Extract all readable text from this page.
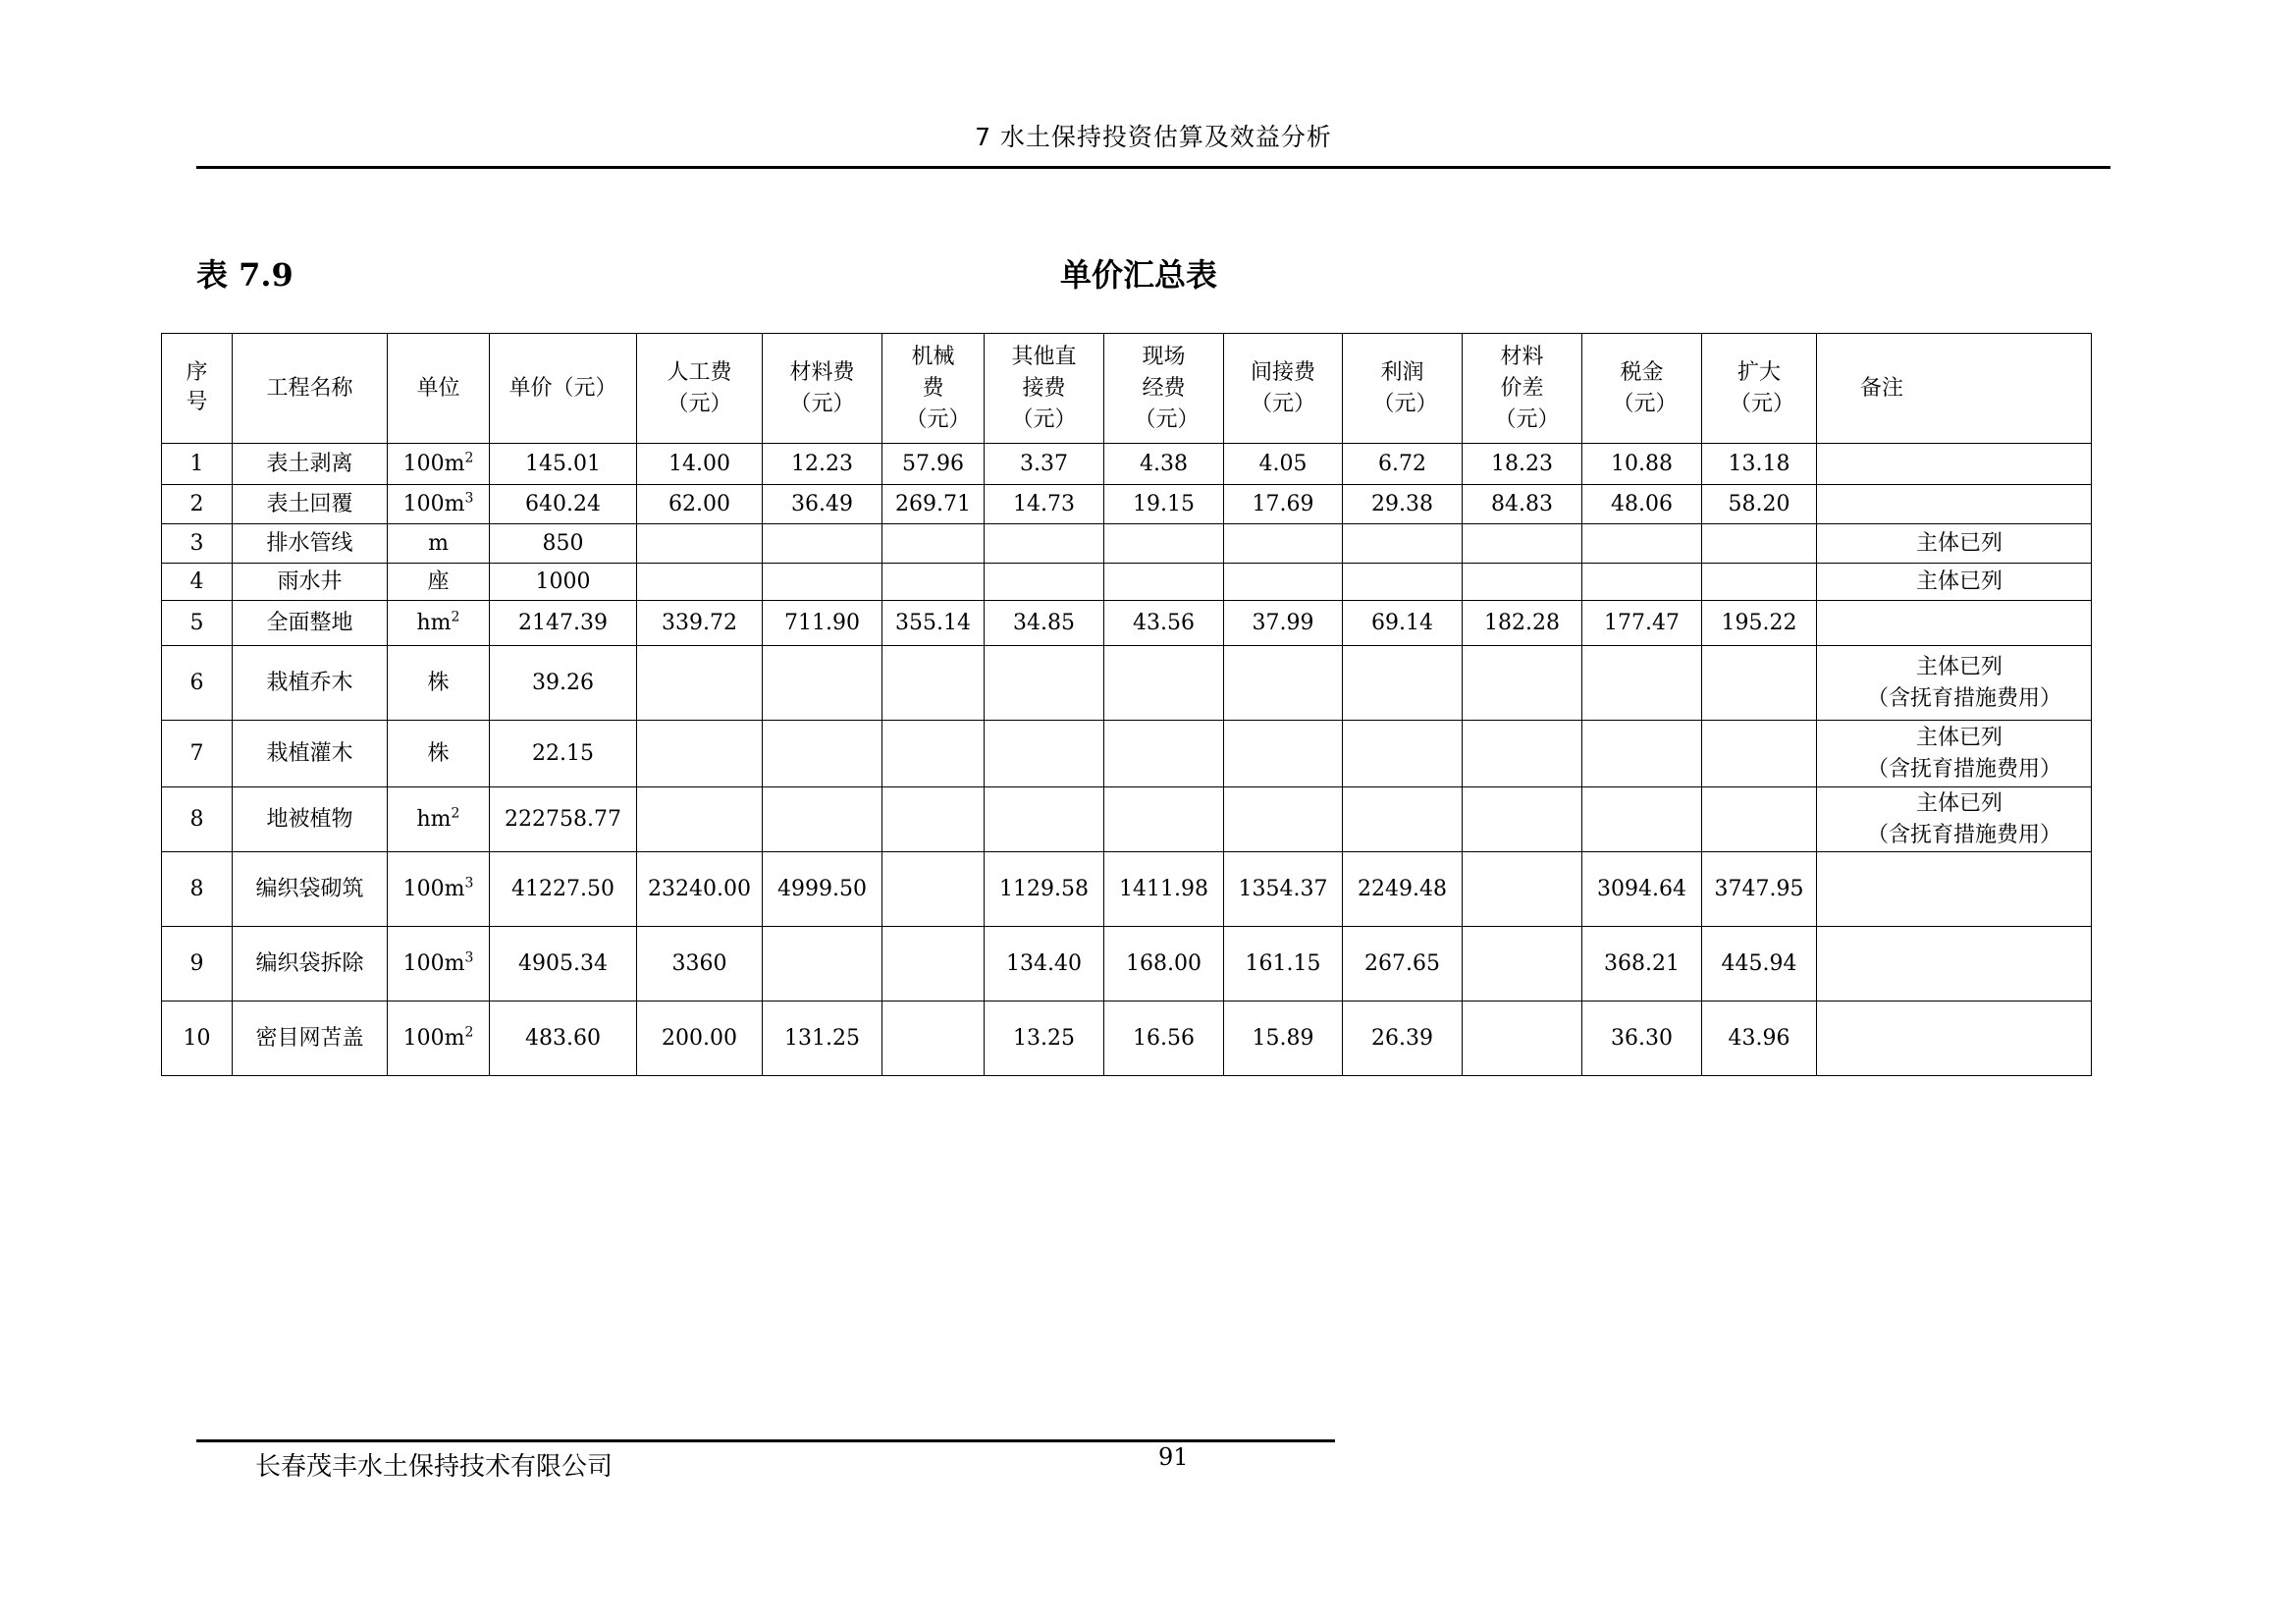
7 水土保持投资估算及效益分析
表 7.9	单价汇总表
序号	工程名称	单位	单价（元）	人工费（元）	材料费（元）	机械费（元）	其他直接费（元）	现场经费（元）	间接费（元）	利润（元）	材料价差（元）	税金（元）	扩大（元）	备注
1	表土剥离	$100m^2$	145.01	14.00	12.23	57.96	3.37	4.38	4.05	6.72	18.23	10.88	13.18	
2	表土回覆	$100m^3$	640.24	62.00	36.49	269.71	14.73	19.15	17.69	29.38	84.83	48.06	58.20	
3	排水管线	m	850											主体已列
4	雨水井	座	1000											主体已列
5	全面整地	$hm^2$	2147.39	339.72	711.90	355.14	34.85	43.56	37.99	69.14	182.28	177.47	195.22	
6	栽植乔木	株	39.26											主体已列
（含抚育措施费用）

7	栽植灌木	株	22.15											主体已列
（含抚育措施费用）

8	地被植物	$hm^2$	222758.77											主体已列
（含抚育措施费用）

8	编织袋砌筑	$100m^3$	41227.50	23240.00	4999.50		1129.58	1411.98	1354.37	2249.48		3094.64	3747.95	
9	编织袋拆除	$100m^3$	4905.34	3360			134.40	168.00	161.15	267.65		368.21	445.94	
10	密目网苫盖	$100m^2$	483.60	200.00	131.25		13.25	16.56	15.89	26.39		36.30	43.96	
长春茂丰水土保持技术有限公司	91
